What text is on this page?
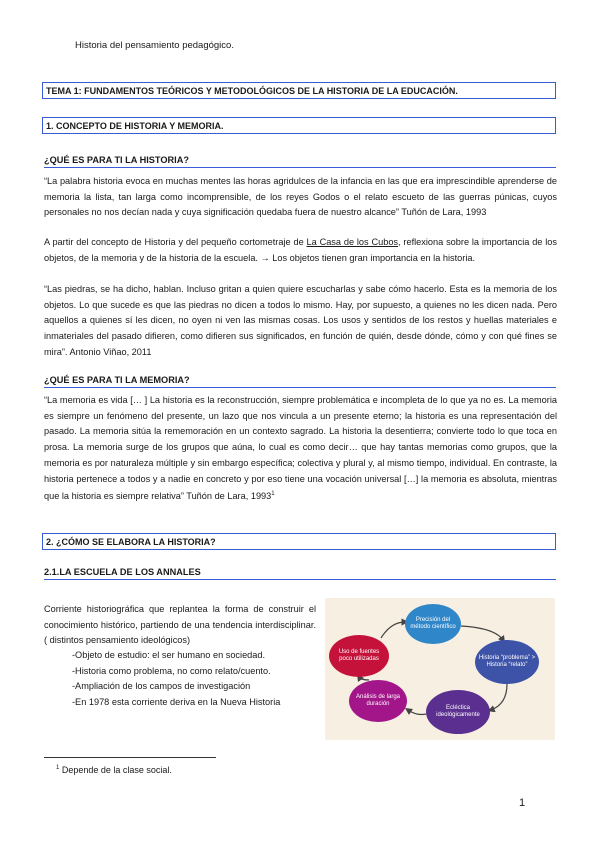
Historia del pensamiento pedagógico.
TEMA 1: FUNDAMENTOS TEÓRICOS Y METODOLÓGICOS DE LA HISTORIA DE LA EDUCACIÓN.
1. CONCEPTO DE HISTORIA Y MEMORIA.
¿QUÉ ES PARA TI LA HISTORIA?
“La palabra historia evoca en muchas mentes las horas agridulces de la infancia en las que era imprescindible aprenderse de memoria la lista, tan larga como incomprensible, de los reyes Godos o el relato escueto de las guerras púnicas, cuyos personales no nos decían nada y cuya significación quedaba fuera de nuestro alcance” Tuñón de Lara, 1993
A partir del concepto de Historia y del pequeño cortometraje de La Casa de los Cubos, reflexiona sobre la importancia de los objetos, de la memoria y de la historia de la escuela. → Los objetos tienen gran importancia en la historia.
“Las piedras, se ha dicho, hablan. Incluso gritan a quien quiere escucharlas y sabe cómo hacerlo. Esta es la memoria de los objetos. Lo que sucede es que las piedras no dicen a todos lo mismo. Hay, por supuesto, a quienes no les dicen nada. Pero aquellos a quienes sí les dicen, no oyen ni ven las mismas cosas. Los usos y sentidos de los restos y huellas materiales e inmateriales del pasado difieren, como difieren sus significados, en función de quién, desde dónde, cómo y con qué fines se mira”. Antonio Viñao, 2011
¿QUÉ ES PARA TI LA MEMORIA?
“La memoria es vida [… ] La historia es la reconstrucción, siempre problemática e incompleta de lo que ya no es. La memoria es siempre un fenómeno del presente, un lazo que nos vincula a un presente eterno; la historia es una representación del pasado. La memoria sitúa la rememoración en un contexto sagrado. La historia la desentierra; convierte todo lo que toca en prosa. La memoria surge de los grupos que aúna, lo cual es como decir… que hay tantas memorias como grupos, que la memoria es por naturaleza múltiple y sin embargo específica; colectiva y plural y, al mismo tiempo, individual. En contraste, la historia pertenece a todos y a nadie en concreto y por eso tiene una vocación universal […] la memoria es absoluta, mientras que la historia es siempre relativa” Tuñón de Lara, 1993$^1$
2. ¿CÓMO SE ELABORA LA HISTORIA?
2.1.LA ESCUELA DE LOS ANNALES
Corriente historiográfica que replantea la forma de construir el conocimiento histórico, partiendo de una tendencia interdisciplinar. ( distintos pensamiento ideológicos)
-Objeto de estudio: el ser humano en sociedad.
-Historia como problema, no como relato/cuento.
-Ampliación de los campos de investigación
-En 1978 esta corriente deriva en la Nueva Historia
Precisión del método científico
Historia “problema” > Historia “relato”
Ecléctica ideológicamente
Análisis de larga duración
Uso de fuentes poco utilizadas
$^1$ Depende de la clase social.
1
